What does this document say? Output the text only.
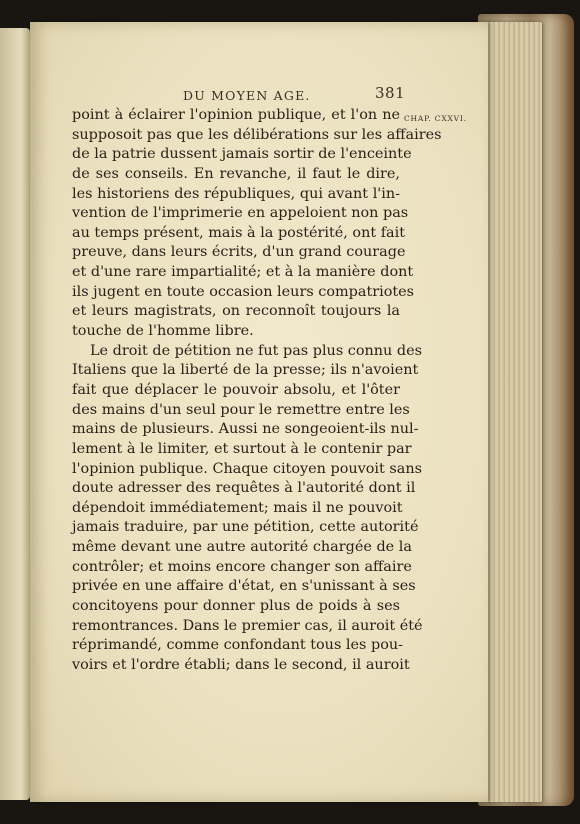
DU MOYEN AGE.	381
CHAP. CXXVI.
point à éclairer l'opinion publique, et l'on ne
supposoit pas que les délibérations sur les affaires
de la patrie dussent jamais sortir de l'enceinte
de ses conseils. En revanche, il faut le dire,
les historiens des républiques, qui avant l'in-
vention de l'imprimerie en appeloient non pas
au temps présent, mais à la postérité, ont fait
preuve, dans leurs écrits, d'un grand courage
et d'une rare impartialité; et à la manière dont
ils jugent en toute occasion leurs compatriotes
et leurs magistrats, on reconnoît toujours la
touche de l'homme libre.
Le droit de pétition ne fut pas plus connu des
Italiens que la liberté de la presse; ils n'avoient
fait que déplacer le pouvoir absolu, et l'ôter
des mains d'un seul pour le remettre entre les
mains de plusieurs. Aussi ne songeoient-ils nul-
lement à le limiter, et surtout à le contenir par
l'opinion publique. Chaque citoyen pouvoit sans
doute adresser des requêtes à l'autorité dont il
dépendoit immédiatement; mais il ne pouvoit
jamais traduire, par une pétition, cette autorité
même devant une autre autorité chargée de la
contrôler; et moins encore changer son affaire
privée en une affaire d'état, en s'unissant à ses
concitoyens pour donner plus de poids à ses
remontrances. Dans le premier cas, il auroit été
réprimandé, comme confondant tous les pou-
voirs et l'ordre établi; dans le second, il auroit
